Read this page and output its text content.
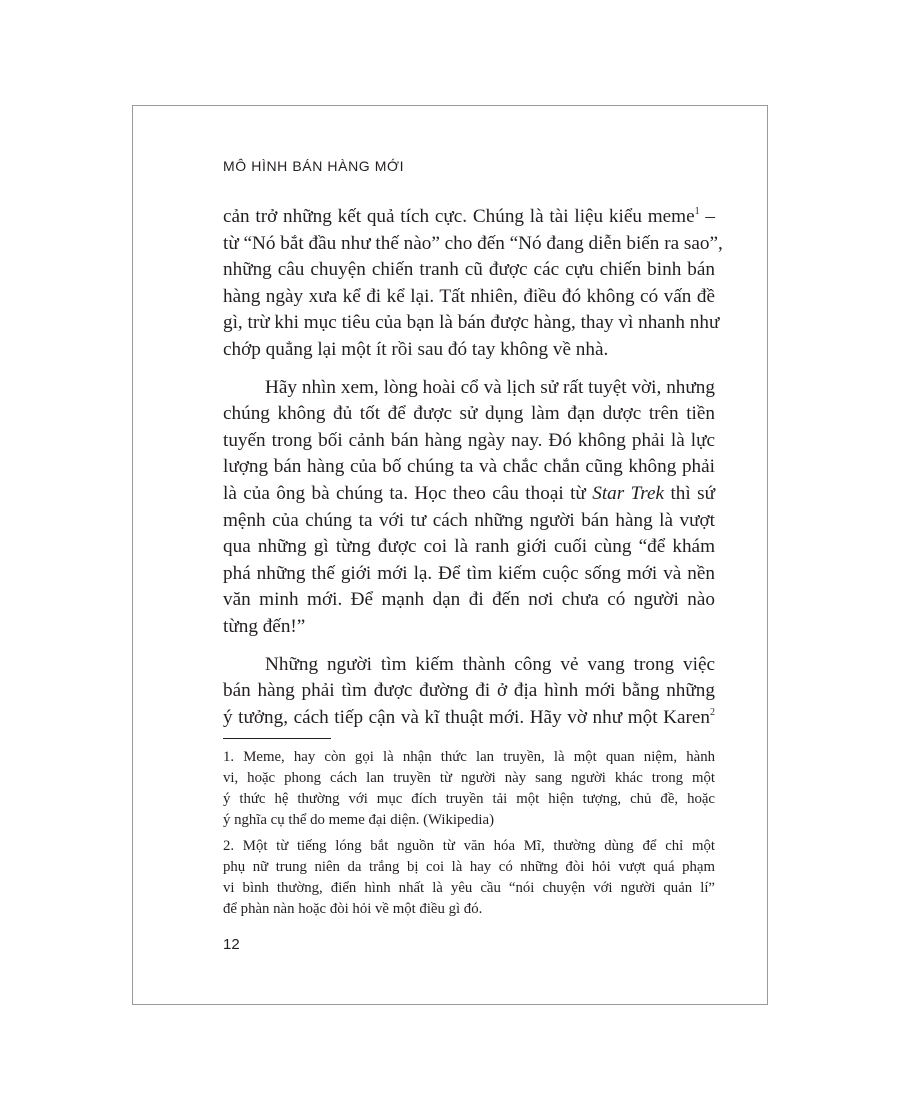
MÔ HÌNH BÁN HÀNG MỚI
cản trở những kết quả tích cực. Chúng là tài liệu kiểu meme$^1$ –
từ “Nó bắt đầu như thế nào” cho đến “Nó đang diễn biến ra sao”,
những câu chuyện chiến tranh cũ được các cựu chiến binh bán
hàng ngày xưa kể đi kể lại. Tất nhiên, điều đó không có vấn đề
gì, trừ khi mục tiêu của bạn là bán được hàng, thay vì nhanh như
chớp quẳng lại một ít rồi sau đó tay không về nhà.
Hãy nhìn xem, lòng hoài cổ và lịch sử rất tuyệt vời, nhưng
chúng không đủ tốt để được sử dụng làm đạn dược trên tiền
tuyến trong bối cảnh bán hàng ngày nay. Đó không phải là lực
lượng bán hàng của bố chúng ta và chắc chắn cũng không phải
là của ông bà chúng ta. Học theo câu thoại từ Star Trek thì sứ
mệnh của chúng ta với tư cách những người bán hàng là vượt
qua những gì từng được coi là ranh giới cuối cùng “để khám
phá những thế giới mới lạ. Để tìm kiếm cuộc sống mới và nền
văn minh mới. Để mạnh dạn đi đến nơi chưa có người nào
từng đến!”
Những người tìm kiếm thành công vẻ vang trong việc
bán hàng phải tìm được đường đi ở địa hình mới bằng những
ý tưởng, cách tiếp cận và kĩ thuật mới. Hãy vờ như một Karen$^2$
1. Meme, hay còn gọi là nhận thức lan truyền, là một quan niệm, hành
vi, hoặc phong cách lan truyền từ người này sang người khác trong một
ý thức hệ thường với mục đích truyền tải một hiện tượng, chủ đề, hoặc
ý nghĩa cụ thể do meme đại diện. (Wikipedia)
2. Một từ tiếng lóng bắt nguồn từ văn hóa Mĩ, thường dùng để chỉ một
phụ nữ trung niên da trắng bị coi là hay có những đòi hỏi vượt quá phạm
vi bình thường, điển hình nhất là yêu cầu “nói chuyện với người quản lí”
để phàn nàn hoặc đòi hỏi về một điều gì đó.
12
